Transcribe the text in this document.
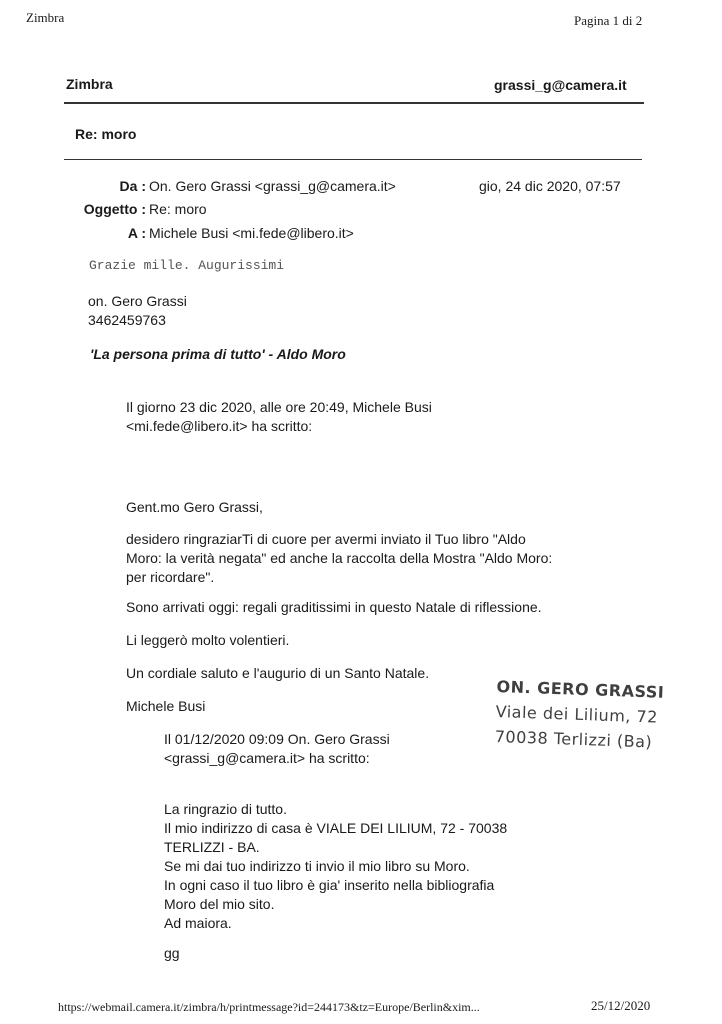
Zimbra	Pagina 1 di 2
Zimbra	grassi_g@camera.it
Re: moro
Da : On. Gero Grassi <grassi_g@camera.it>	gio, 24 dic 2020, 07:57
Oggetto : Re: moro
A : Michele Busi <mi.fede@libero.it>
Grazie mille. Augurissimi
on. Gero Grassi
3462459763
'La persona prima di tutto' - Aldo Moro
Il giorno 23 dic 2020, alle ore 20:49, Michele Busi
<mi.fede@libero.it> ha scritto:
Gent.mo Gero Grassi,
desidero ringraziarTi di cuore per avermi inviato il Tuo libro "Aldo
Moro: la verità negata" ed anche la raccolta della Mostra "Aldo Moro:
per ricordare".
Sono arrivati oggi: regali graditissimi in questo Natale di riflessione.
Li leggerò molto volentieri.
Un cordiale saluto e l'augurio di un Santo Natale.
Michele Busi
Il 01/12/2020 09:09 On. Gero Grassi
<grassi_g@camera.it> ha scritto:
La ringrazio di tutto.
Il mio indirizzo di casa è VIALE DEI LILIUM, 72 - 70038
TERLIZZI - BA.
Se mi dai tuo indirizzo ti invio il mio libro su Moro.
In ogni caso il tuo libro è gia' inserito nella bibliografia
Moro del mio sito.
Ad maiora.
gg
ON. GERO GRASSI
Viale dei Lilium, 72
70038 Terlizzi (Ba)
https://webmail.camera.it/zimbra/h/printmessage?id=244173&tz=Europe/Berlin&xim...	25/12/2020
